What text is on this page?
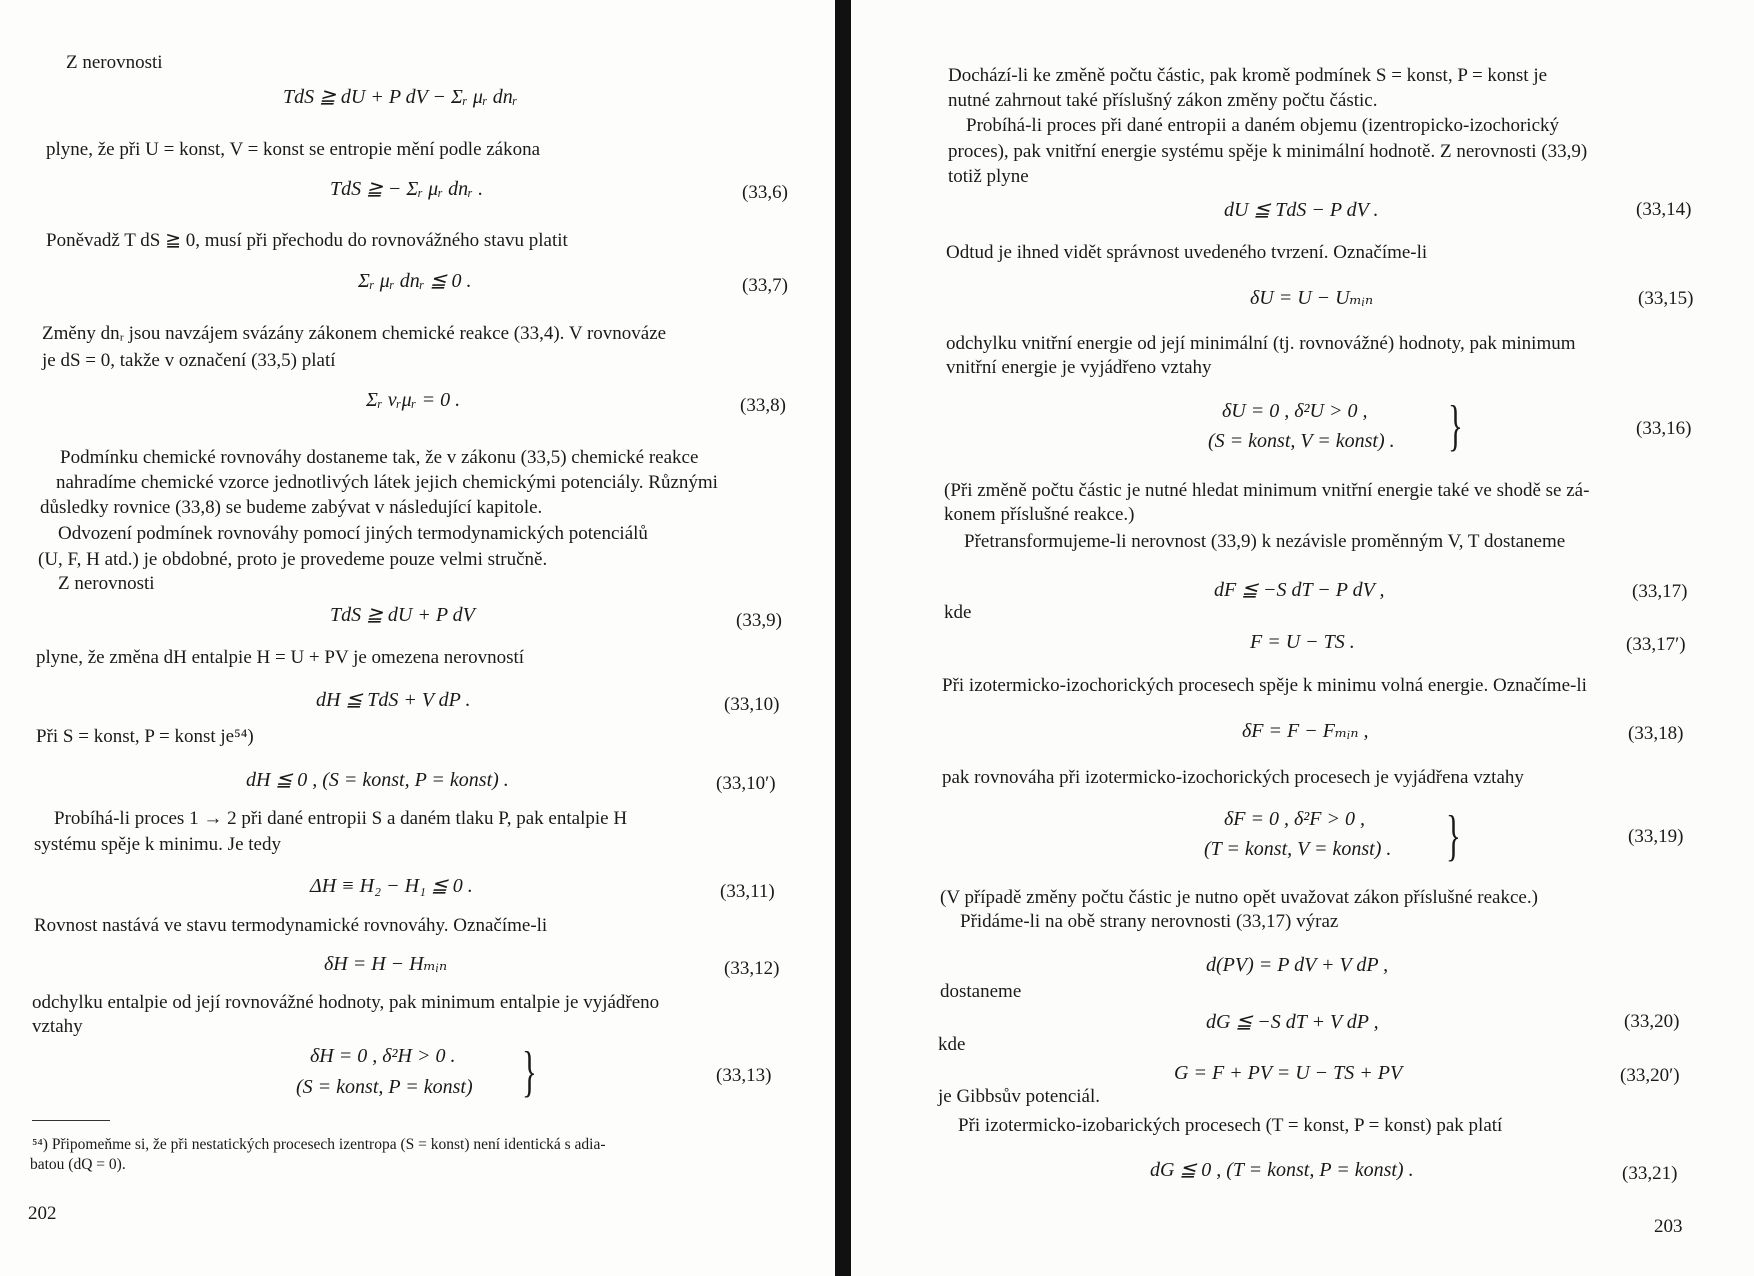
Z nerovnosti
TdS ≧ dU + P dV − Σᵣ μᵣ dnᵣ
plyne, že při U = konst, V = konst se entropie mění podle zákona
TdS ≧ − Σᵣ μᵣ dnᵣ .	(33,6)
Poněvadž T dS ≧ 0, musí při přechodu do rovnovážného stavu platit
Σᵣ μᵣ dnᵣ ≦ 0 .	(33,7)
Změny dnᵣ jsou navzájem svázány zákonem chemické reakce (33,4). V rovnováze
je dS = 0, takže v označení (33,5) platí
Σᵣ νᵣμᵣ = 0 .	(33,8)
Podmínku chemické rovnováhy dostaneme tak, že v zákonu (33,5) chemické reakce
nahradíme chemické vzorce jednotlivých látek jejich chemickými potenciály. Různými
důsledky rovnice (33,8) se budeme zabývat v následující kapitole.
Odvození podmínek rovnováhy pomocí jiných termodynamických potenciálů
(U, F, H atd.) je obdobné, proto je provedeme pouze velmi stručně.
Z nerovnosti
TdS ≧ dU + P dV	(33,9)
plyne, že změna dH entalpie H = U + PV je omezena nerovností
dH ≦ TdS + V dP .	(33,10)
Při S = konst, P = konst je⁵⁴)
dH ≦ 0 , (S = konst, P = konst) .	(33,10′)
Probíhá-li proces 1 → 2 při dané entropii S a daném tlaku P, pak entalpie H
systému spěje k minimu. Je tedy
ΔH ≡ H₂ − H₁ ≦ 0 .	(33,11)
Rovnost nastává ve stavu termodynamické rovnováhy. Označíme-li
δH = H − Hₘᵢₙ	(33,12)
odchylku entalpie od její rovnovážné hodnoty, pak minimum entalpie je vyjádřeno
vztahy
δH = 0 , δ²H > 0 .
(S = konst, P = konst) }	(33,13)
⁵⁴) Připomeňme si, že při nestatických procesech izentropa (S = konst) není identická s adia-
batou (dQ = 0).
202
Dochází-li ke změně počtu částic, pak kromě podmínek S = konst, P = konst je
nutné zahrnout také příslušný zákon změny počtu částic.
Probíhá-li proces při dané entropii a daném objemu (izentropicko-izochorický
proces), pak vnitřní energie systému spěje k minimální hodnotě. Z nerovnosti (33,9)
totiž plyne
dU ≦ TdS − P dV .	(33,14)
Odtud je ihned vidět správnost uvedeného tvrzení. Označíme-li
δU = U − Uₘᵢₙ	(33,15)
odchylku vnitřní energie od její minimální (tj. rovnovážné) hodnoty, pak minimum
vnitřní energie je vyjádřeno vztahy
δU = 0 , δ²U > 0 ,
(S = konst, V = konst) . }	(33,16)
(Při změně počtu částic je nutné hledat minimum vnitřní energie také ve shodě se zá-
konem příslušné reakce.)
Přetransformujeme-li nerovnost (33,9) k nezávisle proměnným V, T dostaneme
dF ≦ −S dT − P dV ,	(33,17)
kde
F = U − TS .	(33,17′)
Při izotermicko-izochorických procesech spěje k minimu volná energie. Označíme-li
δF = F − Fₘᵢₙ ,	(33,18)
pak rovnováha při izotermicko-izochorických procesech je vyjádřena vztahy
δF = 0 , δ²F > 0 ,
(T = konst, V = konst) . }	(33,19)
(V případě změny počtu částic je nutno opět uvažovat zákon příslušné reakce.)
Přidáme-li na obě strany nerovnosti (33,17) výraz
d(PV) = P dV + V dP ,
dostaneme
dG ≦ −S dT + V dP ,	(33,20)
kde
G = F + PV = U − TS + PV	(33,20′)
je Gibbsův potenciál.
Při izotermicko-izobarických procesech (T = konst, P = konst) pak platí
dG ≦ 0 , (T = konst, P = konst) .	(33,21)
203
